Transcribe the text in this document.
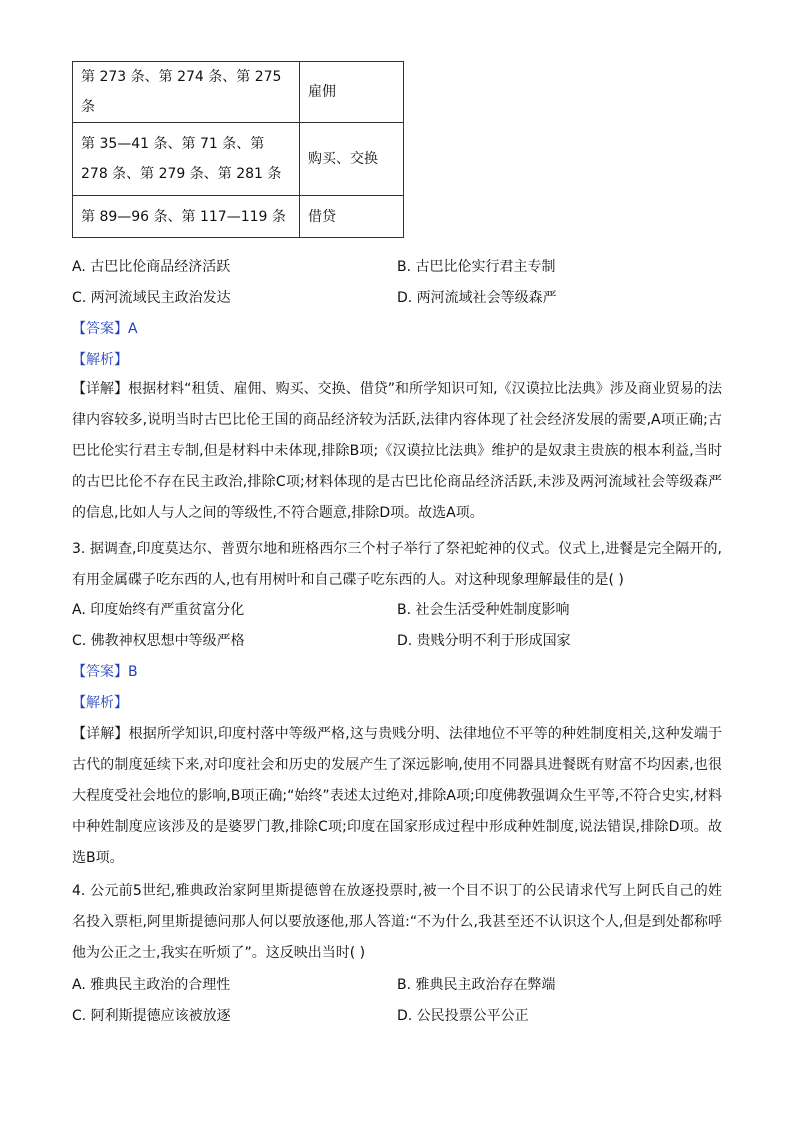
第 273 条、第 274 条、第 275 条	雇佣
第 35—41 条、第 71 条、第 278 条、第 279 条、第 281 条	购买、交换
第 89—96 条、第 117—119 条	借贷
A. 古巴比伦商品经济活跃	B. 古巴比伦实行君主专制
C. 两河流域民主政治发达	D. 两河流域社会等级森严
【答案】A
【解析】
【详解】根据材料“租赁、雇佣、购买、交换、借贷”和所学知识可知,《汉谟拉比法典》涉及商业贸易的法律内容较多,说明当时古巴比伦王国的商品经济较为活跃,法律内容体现了社会经济发展的需要,A项正确;古巴比伦实行君主专制,但是材料中未体现,排除B项;《汉谟拉比法典》维护的是奴隶主贵族的根本利益,当时的古巴比伦不存在民主政治,排除C项;材料体现的是古巴比伦商品经济活跃,未涉及两河流域社会等级森严的信息,比如人与人之间的等级性,不符合题意,排除D项。故选A项。
3. 据调查,印度莫达尔、普贾尔地和班格西尔三个村子举行了祭祀蛇神的仪式。仪式上,进餐是完全隔开的,有用金属碟子吃东西的人,也有用树叶和自己碟子吃东西的人。对这种现象理解最佳的是( )
A. 印度始终有严重贫富分化	B. 社会生活受种姓制度影响
C. 佛教神权思想中等级严格	D. 贵贱分明不利于形成国家
【答案】B
【解析】
【详解】根据所学知识,印度村落中等级严格,这与贵贱分明、法律地位不平等的种姓制度相关,这种发端于古代的制度延续下来,对印度社会和历史的发展产生了深远影响,使用不同器具进餐既有财富不均因素,也很大程度受社会地位的影响,B项正确;“始终”表述太过绝对,排除A项;印度佛教强调众生平等,不符合史实,材料中种姓制度应该涉及的是婆罗门教,排除C项;印度在国家形成过程中形成种姓制度,说法错误,排除D项。故选B项。
4. 公元前5世纪,雅典政治家阿里斯提德曾在放逐投票时,被一个目不识丁的公民请求代写上阿氏自己的姓名投入票柜,阿里斯提德问那人何以要放逐他,那人答道:“不为什么,我甚至还不认识这个人,但是到处都称呼他为公正之士,我实在听烦了”。这反映出当时( )
A. 雅典民主政治的合理性	B. 雅典民主政治存在弊端
C. 阿利斯提德应该被放逐	D. 公民投票公平公正
